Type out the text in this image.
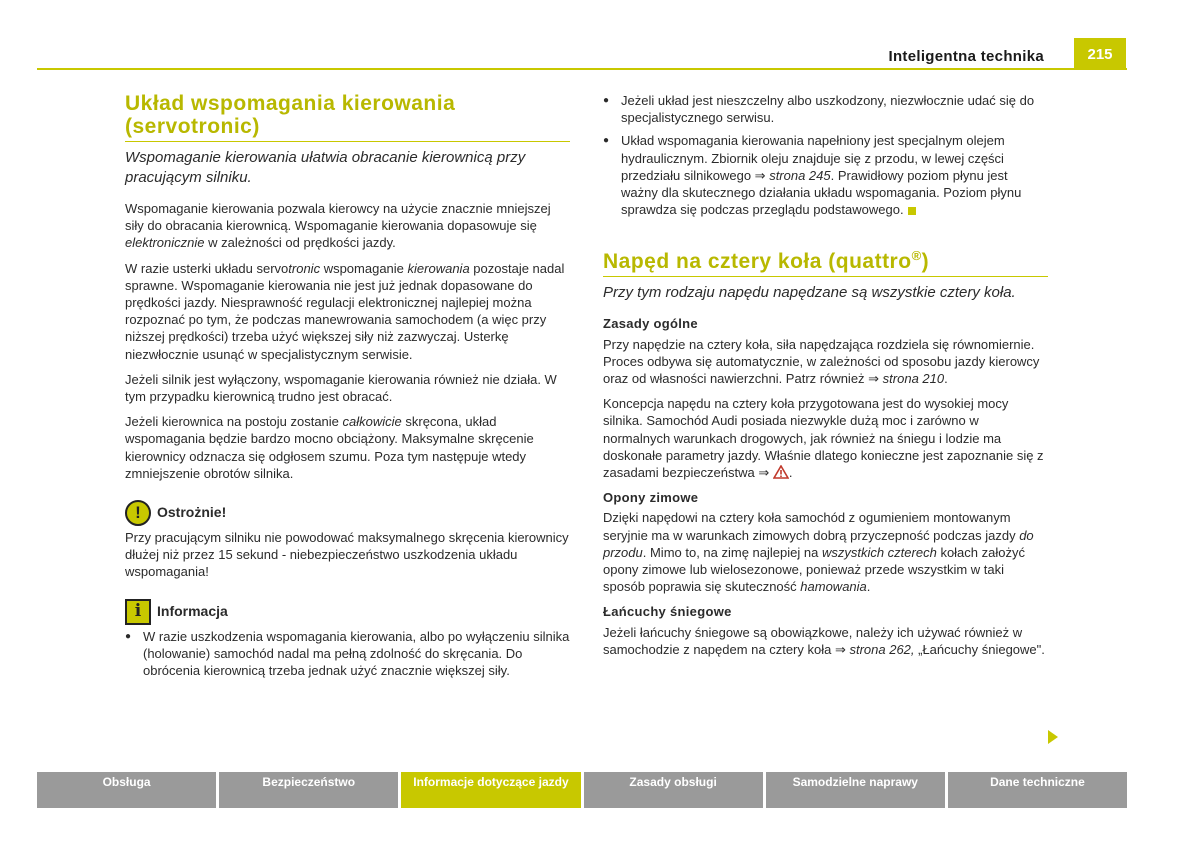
Inteligentna technika	215
Układ wspomagania kierowania
(servotronic)

Wspomaganie kierowania ułatwia obracanie kierownicą przy pracującym silniku.

Wspomaganie kierowania pozwala kierowcy na użycie znacznie mniejszej siły do obracania kierownicą. Wspomaganie kierowania dopasowuje się elektronicznie w zależności od prędkości jazdy.

W razie usterki układu servotronic wspomaganie kierowania pozostaje nadal sprawne. Wspomaganie kierowania nie jest już jednak dopasowane do prędkości jazdy. Niesprawność regulacji elektronicznej najlepiej można rozpoznać po tym, że podczas manewrowania samochodem (a więc przy niższej prędkości) trzeba użyć większej siły niż zazwyczaj. Usterkę niezwłocznie usunąć w specjalistycznym serwisie.

Jeżeli silnik jest wyłączony, wspomaganie kierowania również nie działa. W tym przypadku kierownicą trudno jest obracać.

Jeżeli kierownica na postoju zostanie całkowicie skręcona, układ wspomagania będzie bardzo mocno obciążony. Maksymalne skręcenie kierownicy odznacza się odgłosem szumu. Poza tym następuje wtedy zmniejszenie obrotów silnika.

!	Ostrożnie!

Przy pracującym silniku nie powodować maksymalnego skręcenia kierownicy dłużej niż przez 15 sekund - niebezpieczeństwo uszkodzenia układu wspomagania!

i	Informacja
● W razie uszkodzenia wspomagania kierowania, albo po wyłączeniu silnika (holowanie) samochód nadal ma pełną zdolność do skręcania. Do obrócenia kierownicą trzeba jednak użyć znacznie większej siły.
● Jeżeli układ jest nieszczelny albo uszkodzony, niezwłocznie udać się do specjalistycznego serwisu.
● Układ wspomagania kierowania napełniony jest specjalnym olejem hydraulicznym. Zbiornik oleju znajduje się z przodu, w lewej części przedziału silnikowego ⇒ strona 245. Prawidłowy poziom płynu jest ważny dla skutecznego działania układu wspomagania. Poziom płynu sprawdza się podczas przeglądu podstawowego.
Napęd na cztery koła (quattro®)

Przy tym rodzaju napędu napędzane są wszystkie cztery koła.

Zasady ogólne

Przy napędzie na cztery koła, siła napędzająca rozdziela się równomiernie. Proces odbywa się automatycznie, w zależności od sposobu jazdy kierowcy oraz od własności nawierzchni. Patrz również ⇒ strona 210.

Koncepcja napędu na cztery koła przygotowana jest do wysokiej mocy silnika. Samochód Audi posiada niezwykle dużą moc i zarówno w normalnych warunkach drogowych, jak również na śniegu i lodzie ma doskonałe parametry jazdy. Właśnie dlatego konieczne jest zapoznanie się z zasadami bezpieczeństwa ⇒ .

Opony zimowe

Dzięki napędowi na cztery koła samochód z ogumieniem montowanym seryjnie ma w warunkach zimowych dobrą przyczepność podczas jazdy do przodu. Mimo to, na zimę najlepiej na wszystkich czterech kołach założyć opony zimowe lub wielosezonowe, ponieważ przede wszystkim w taki sposób poprawia się skuteczność hamowania.

Łańcuchy śniegowe

Jeżeli łańcuchy śniegowe są obowiązkowe, należy ich używać również w samochodzie z napędem na cztery koła ⇒ strona 262, „Łańcuchy śniegowe".

Obsługa	Bezpieczeństwo	Informacje dotyczące jazdy	Zasady obsługi	Samodzielne naprawy	Dane techniczne
